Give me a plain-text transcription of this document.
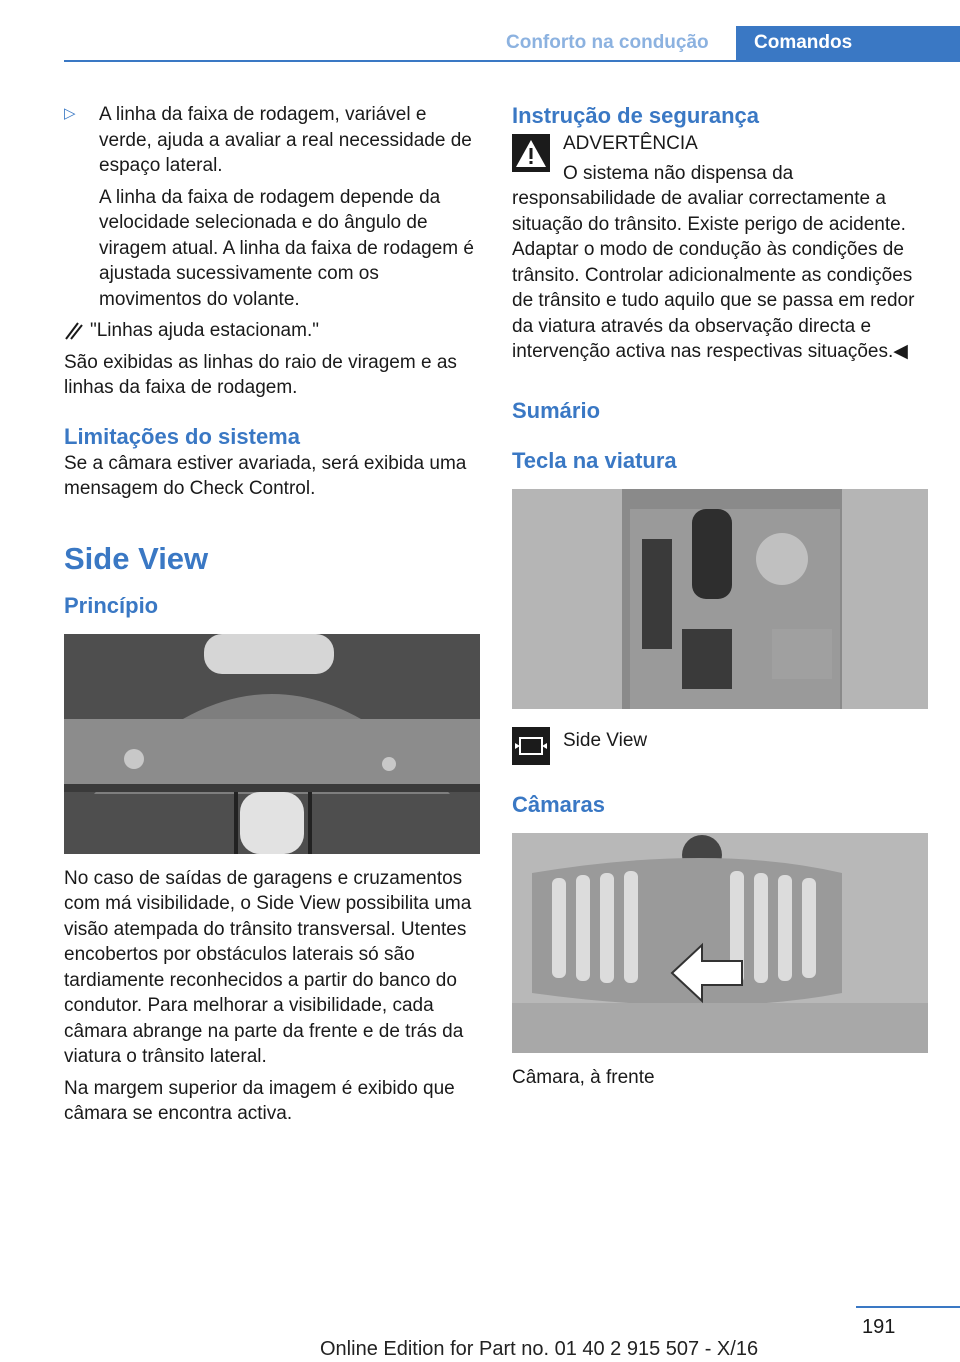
Conforto na condução	Comandos
▷ A linha da faixa de rodagem, variável e verde, ajuda a avaliar a real necessidade de espaço lateral.

A linha da faixa de rodagem depende da velocidade selecionada e do ângulo de viragem atual. A linha da faixa de rodagem é ajustada sucessivamente com os movimentos do volante.

"Linhas ajuda estacionam."

São exibidas as linhas do raio de viragem e as linhas da faixa de rodagem.

Limitações do sistema

Se a câmara estiver avariada, será exibida uma mensagem do Check Control.

Side View
Princípio

No caso de saídas de garagens e cruzamentos com má visibilidade, o Side View possibilita uma visão atempada do trânsito transversal. Utentes encobertos por obstáculos laterais só são tardiamente reconhecidos a partir do banco do condutor. Para melhorar a visibilidade, cada câmara abrange na parte da frente e de trás da viatura o trânsito lateral.

Na margem superior da imagem é exibido que câmara se encontra activa.

Instrução de segurança

ADVERTÊNCIA

O sistema não dispensa da responsabilidade de avaliar correctamente a situação do trânsito. Existe perigo de acidente. Adaptar o modo de condução às condições de trânsito. Controlar adicionalmente as condições de trânsito e tudo aquilo que se passa em redor da viatura através da observação directa e intervenção activa nas respectivas situações.◀

Sumário
Tecla na viatura

Side View

Câmaras

Câmara, à frente

191
Online Edition for Part no. 01 40 2 915 507 - X/16
